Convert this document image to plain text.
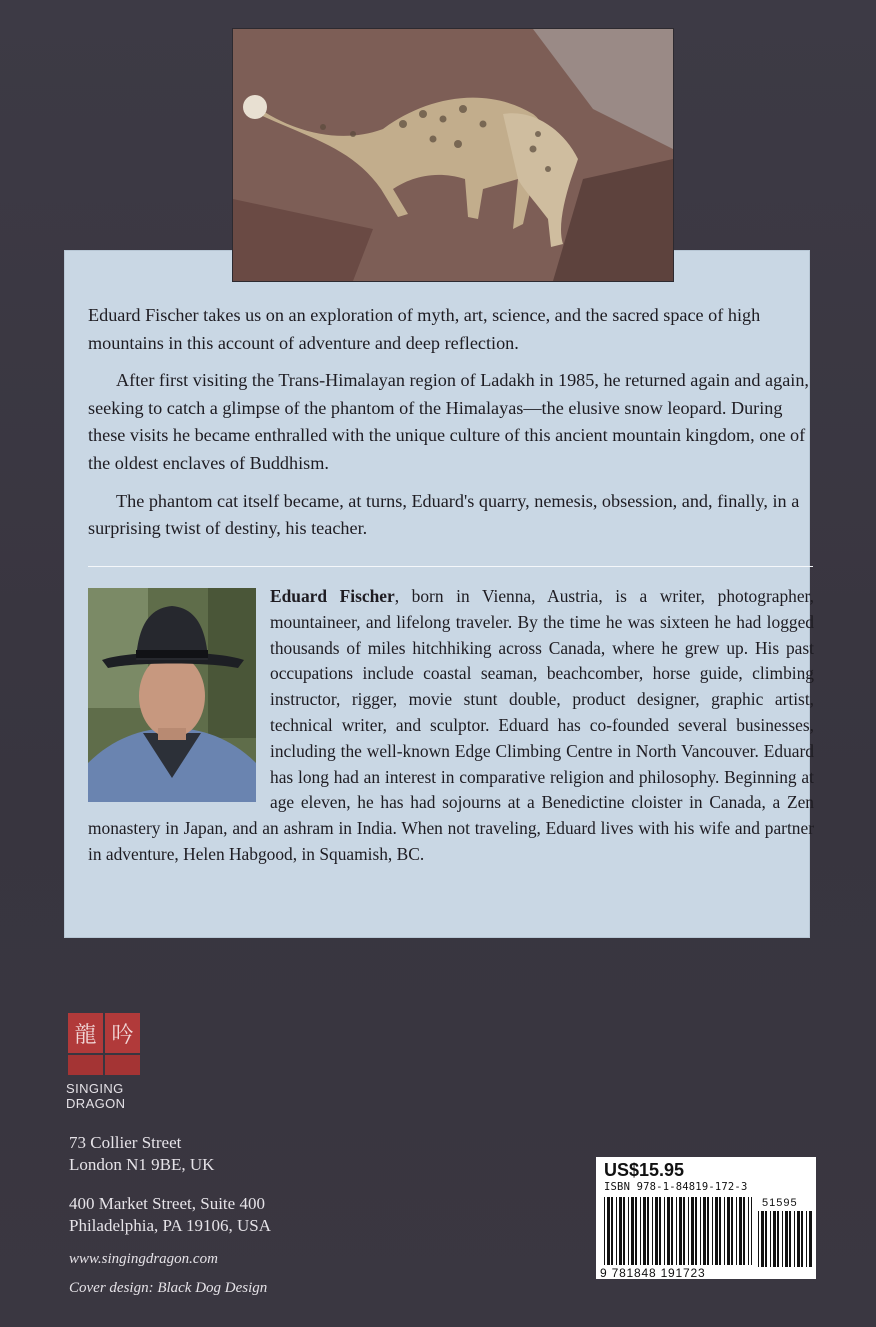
Eduard Fischer takes us on an exploration of myth, art, science, and the sacred space of high mountains in this account of adventure and deep reflection.

After first visiting the Trans-Himalayan region of Ladakh in 1985, he returned again and again, seeking to catch a glimpse of the phantom of the Himalayas—the elusive snow leopard. During these visits he became enthralled with the unique culture of this ancient mountain kingdom, one of the oldest enclaves of Buddhism.

The phantom cat itself became, at turns, Eduard's quarry, nemesis, obsession, and, finally, in a surprising twist of destiny, his teacher.

Eduard Fischer, born in Vienna, Austria, is a writer, photographer, mountaineer, and lifelong traveler. By the time he was sixteen he had logged thousands of miles hitchhiking across Canada, where he grew up. His past occupations include coastal seaman, beachcomber, horse guide, climbing instructor, rigger, movie stunt double, product designer, graphic artist, technical writer, and sculptor. Eduard has co-founded several businesses, including the well-known Edge Climbing Centre in North Vancouver. Eduard has long had an interest in comparative religion and philosophy. Beginning at age eleven, he has had sojourns at a Benedictine cloister in Canada, a Zen monastery in Japan, and an ashram in India. When not traveling, Eduard lives with his wife and partner in adventure, Helen Habgood, in Squamish, BC.
龍 吟
SINGING
DRAGON
73 Collier Street
London N1 9BE, UK
400 Market Street, Suite 400
Philadelphia, PA 19106, USA
www.singingdragon.com
Cover design: Black Dog Design
US$15.95
ISBN 978-1-84819-172-3
51595
9 781848 191723
